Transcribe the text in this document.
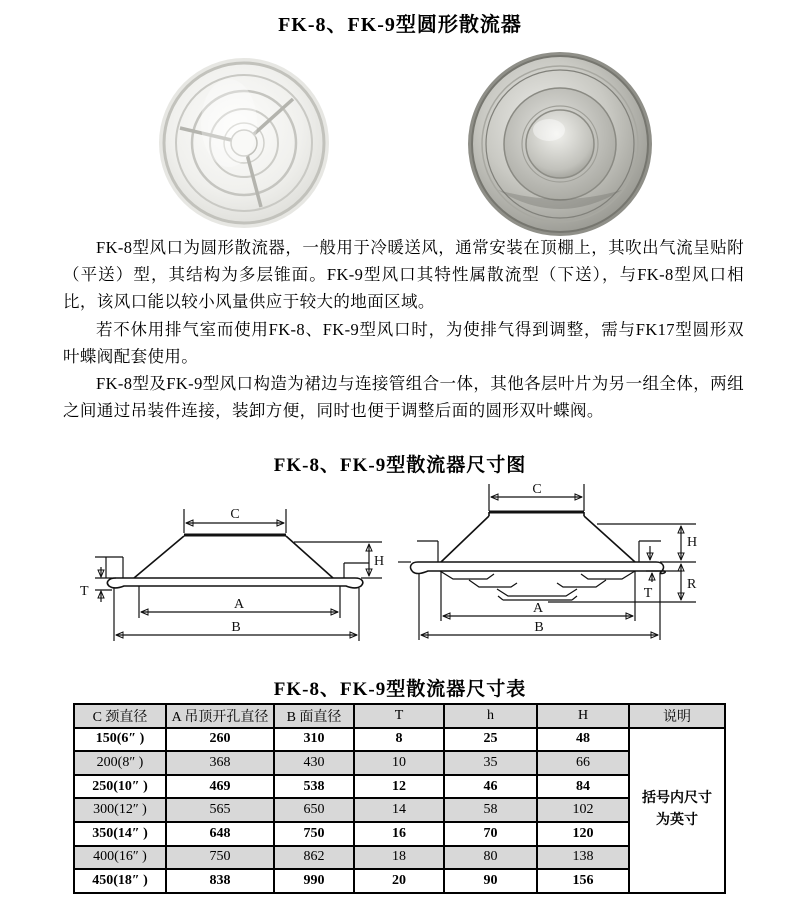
FK-8、FK-9型圆形散流器

FK-8型风口为圆形散流器，一般用于冷暖送风，通常安装在顶棚上，其吹出气流呈贴附（平送）型，其结构为多层锥面。FK-9型风口其特性属散流型（下送），与FK-8型风口相比，该风口能以较小风量供应于较大的地面区域。

若不休用排气室而使用FK-8、FK-9型风口时，为使排气得到调整，需与FK17型圆形双叶蝶阀配套使用。

FK-8型及FK-9型风口构造为裙边与连接管组合一体，其他各层叶片为另一组全体，两组之间通过吊装件连接，装卸方便，同时也便于调整后面的圆形双叶蝶阀。

FK-8、FK-9型散流器尺寸图
C
H
T
A
B
C
H
R
T
A
B
FK-8、FK-9型散流器尺寸表
C 颈直径	A 吊顶开孔直径	B 面直径	T	h	H	说明
150(6″ )	260	310	8	25	48	括号内尺寸为英寸
200(8″ )	368	430	10	35	66	
250(10″ )	469	538	12	46	84	
300(12″ )	565	650	14	58	102	
350(14″ )	648	750	16	70	120	
400(16″ )	750	862	18	80	138	
450(18″ )	838	990	20	90	156	
